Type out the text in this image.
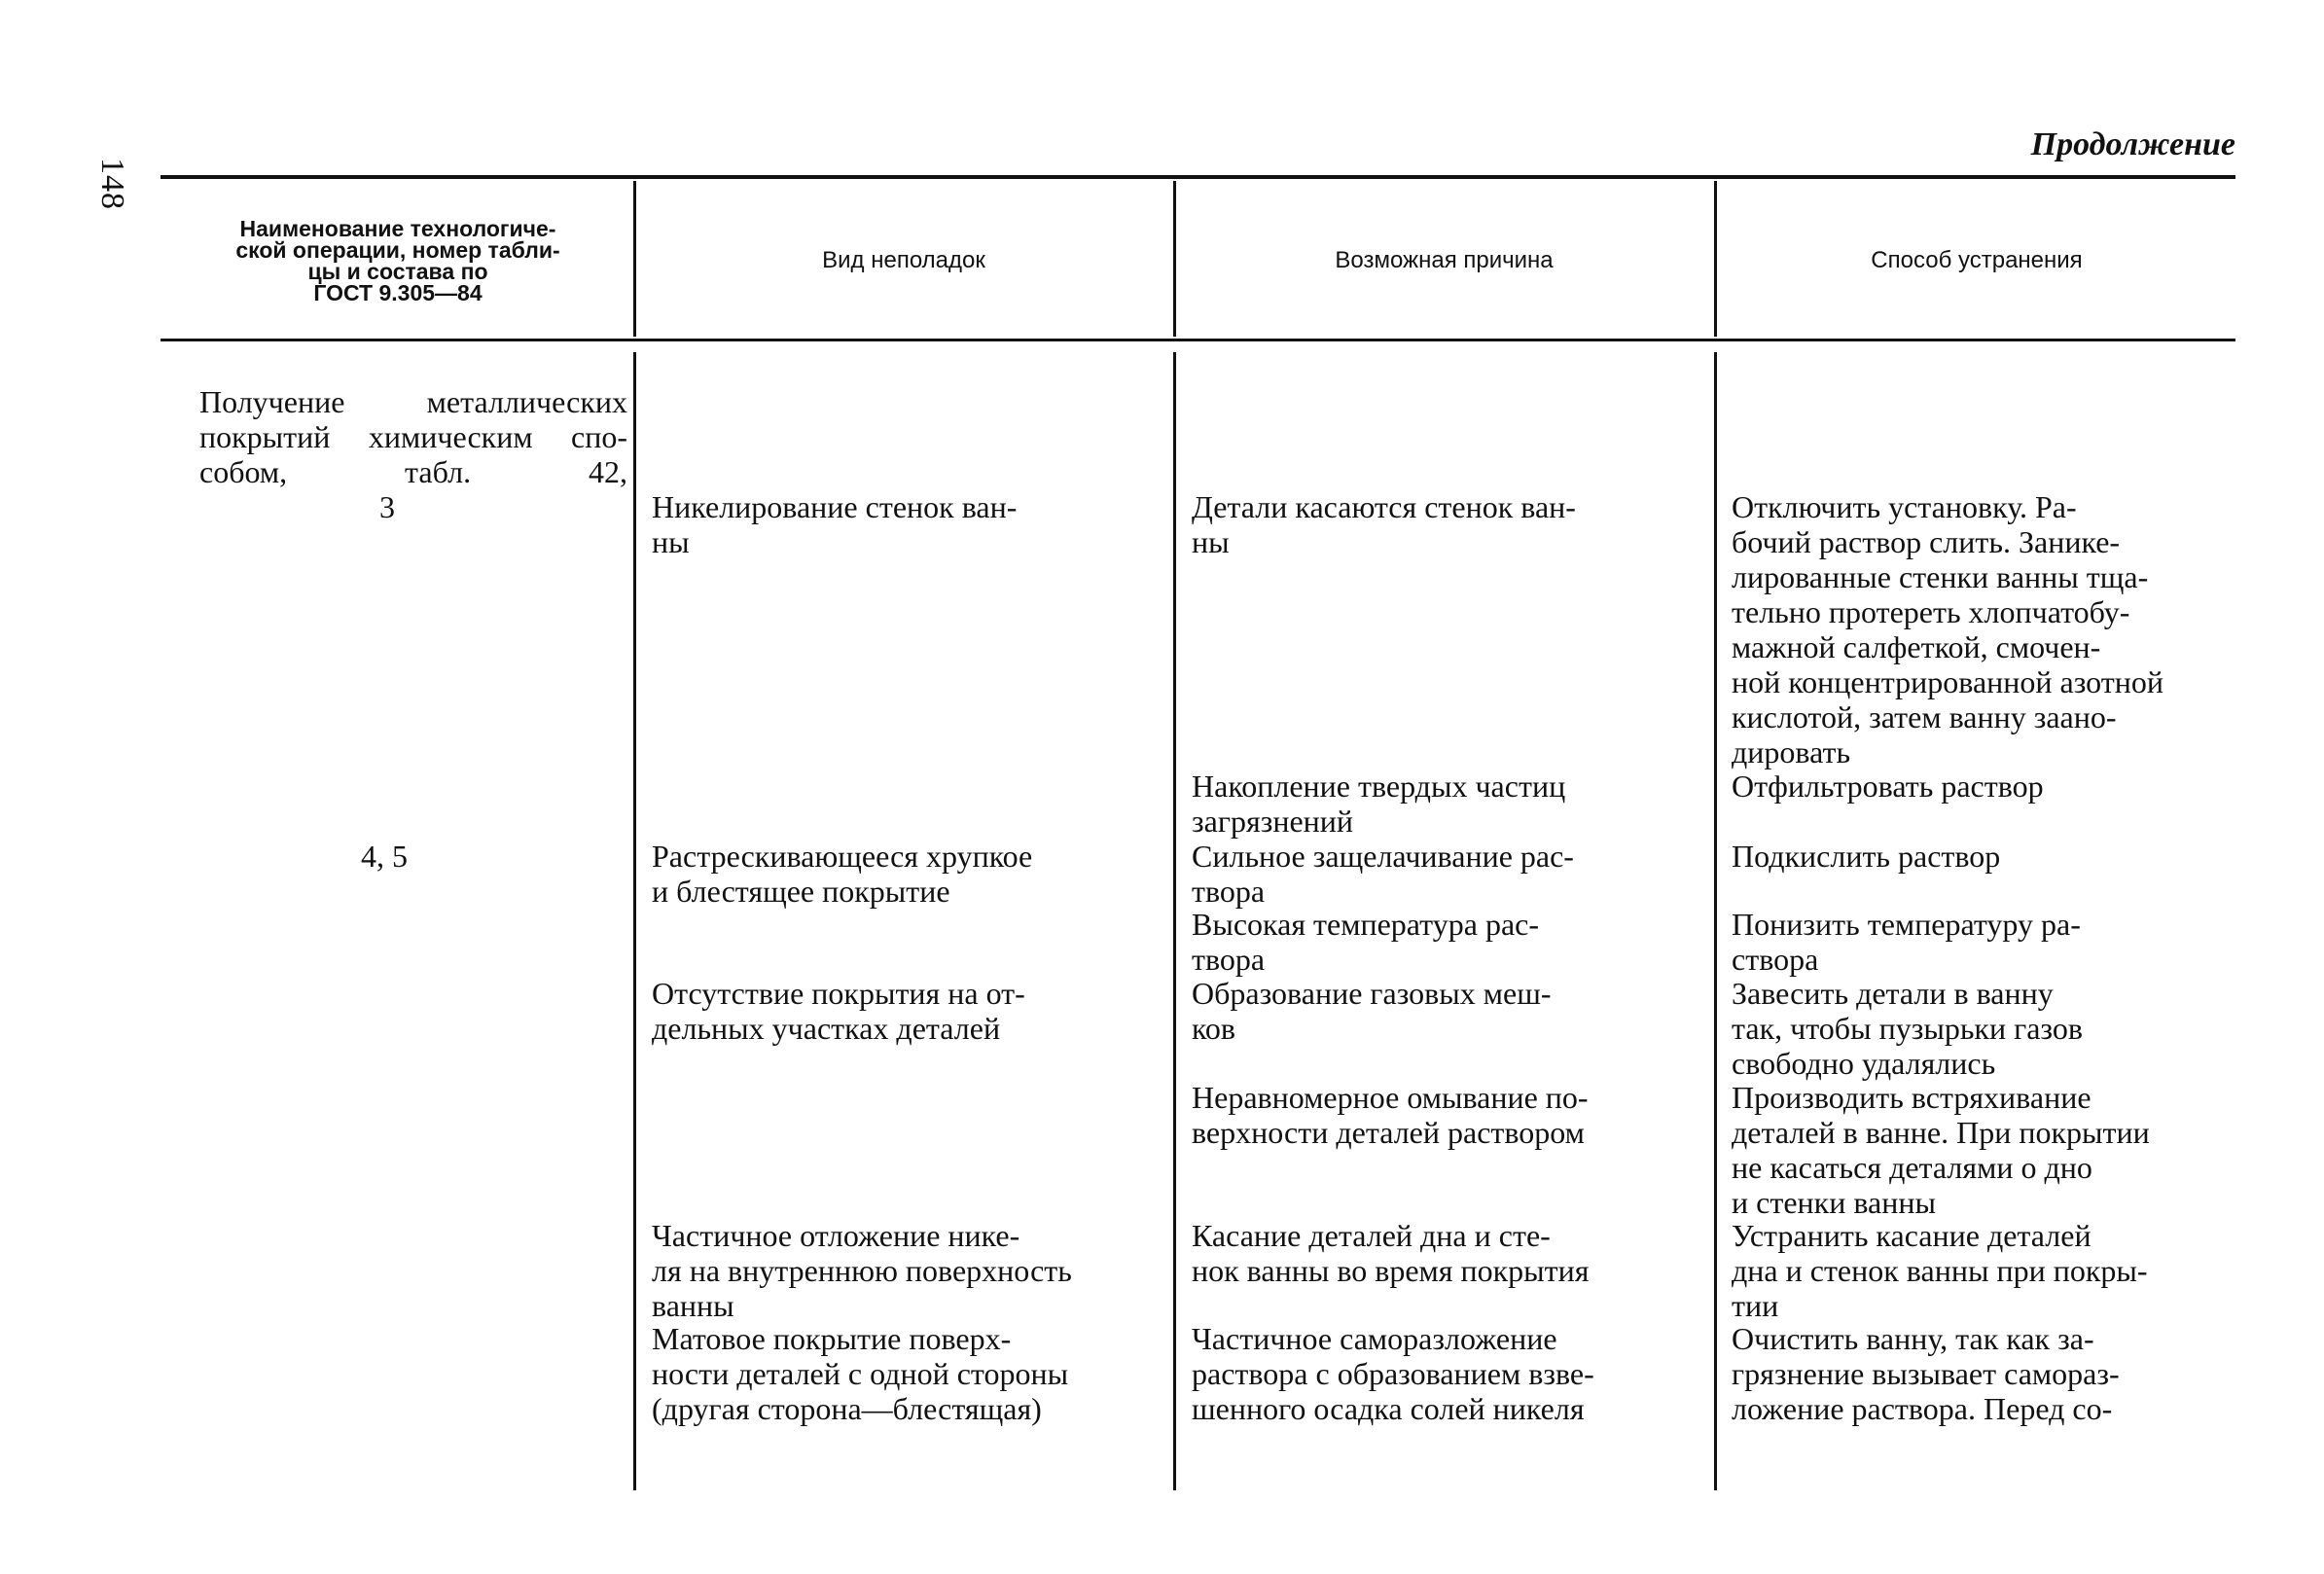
148
Продолжение
Наименование технологиче-
ской операции, номер табли-
цы и состава по
ГОСТ 9.305—84
Вид неполадок	Возможная причина	Способ устранения
Получение металлических
покрытий химическим спо-
собом, табл. 42,
3
4, 5
Никелирование стенок ван-
ны
Детали касаются стенок ван-
ны
Отключить установку. Ра-
бочий раствор слить. Занике-
лированные стенки ванны тща-
тельно протереть хлопчатобу-
мажной салфеткой, смочен-
ной концентрированной азотной
кислотой, затем ванну заано-
дировать
Накопление твердых частиц
загрязнений
Отфильтровать раствор
Растрескивающееся хрупкое
и блестящее покрытие
Сильное защелачивание рас-
твора
Подкислить раствор
Высокая температура рас-
твора
Понизить температуру ра-
створа
Отсутствие покрытия на от-
дельных участках деталей
Образование газовых меш-
ков
Завесить детали в ванну
так, чтобы пузырьки газов
свободно удалялись
Неравномерное омывание по-
верхности деталей раствором
Производить встряхивание
деталей в ванне. При покрытии
не касаться деталями о дно
и стенки ванны
Частичное отложение нике-
ля на внутреннюю поверхность
ванны
Касание деталей дна и сте-
нок ванны во время покрытия
Устранить касание деталей
дна и стенок ванны при покры-
тии
Матовое покрытие поверх-
ности деталей с одной стороны
(другая сторона—блестящая)
Частичное саморазложение
раствора с образованием взве-
шенного осадка солей никеля
Очистить ванну, так как за-
грязнение вызывает самораз-
ложение раствора. Перед со-
